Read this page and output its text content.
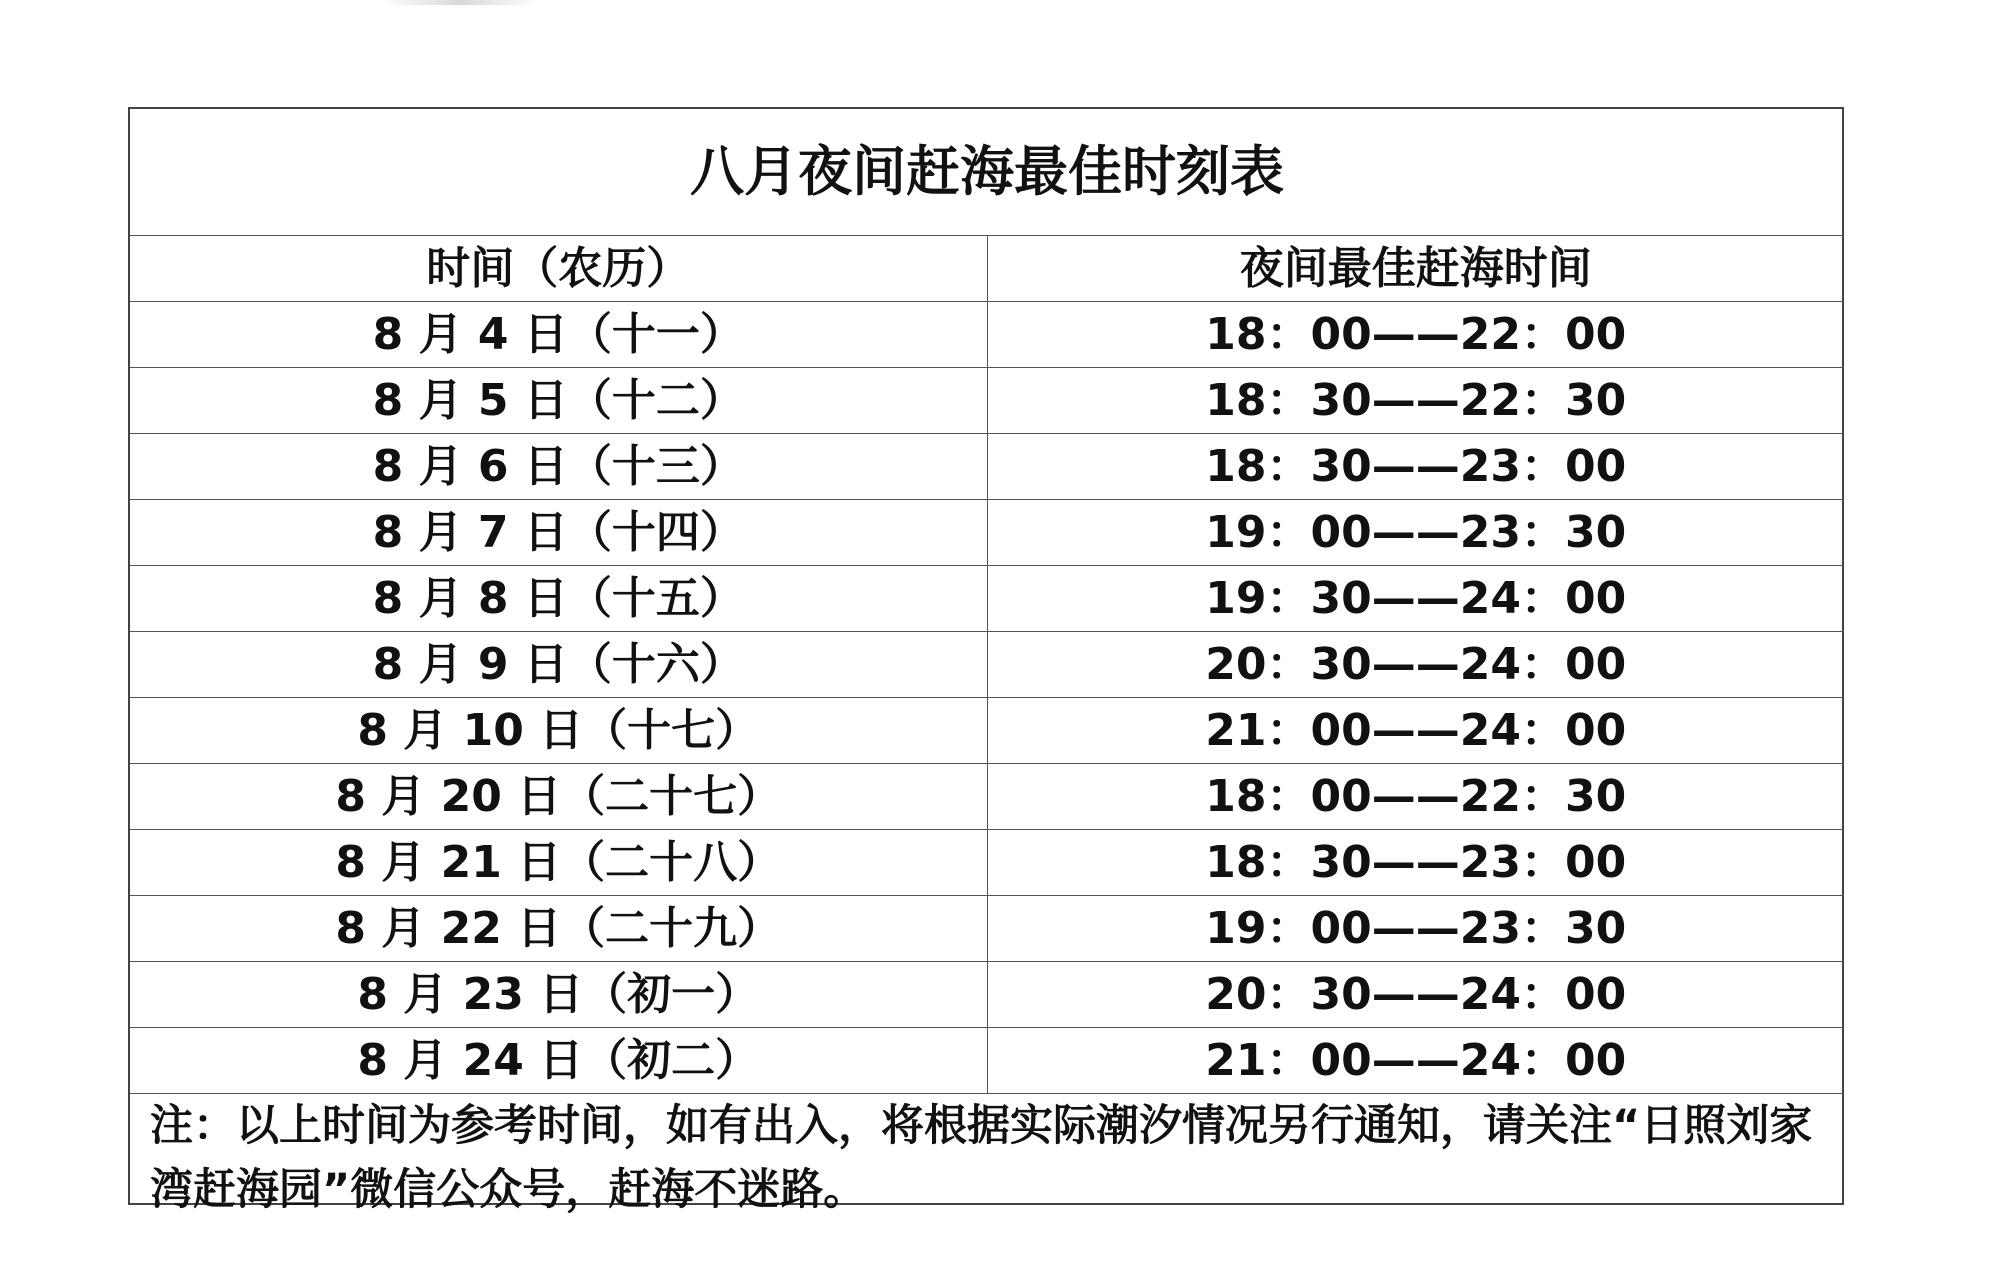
八月夜间赶海最佳时刻表	
时间（农历）	夜间最佳赶海时间
8 月 4 日（十一）	18：00——22：00
8 月 5 日（十二）	18：30——22：30
8 月 6 日（十三）	18：30——23：00
8 月 7 日（十四）	19：00——23：30
8 月 8 日（十五）	19：30——24：00
8 月 9 日（十六）	20：30——24：00
8 月 10 日（十七）	21：00——24：00
8 月 20 日（二十七）	18：00——22：30
8 月 21 日（二十八）	18：30——23：00
8 月 22 日（二十九）	19：00——23：30
8 月 23 日（初一）	20：30——24：00
8 月 24 日（初二）	21：00——24：00
注：以上时间为参考时间，如有出入，将根据实际潮汐情况另行通知，请关注“日照刘家湾赶海园”微信公众号，赶海不迷路。	
